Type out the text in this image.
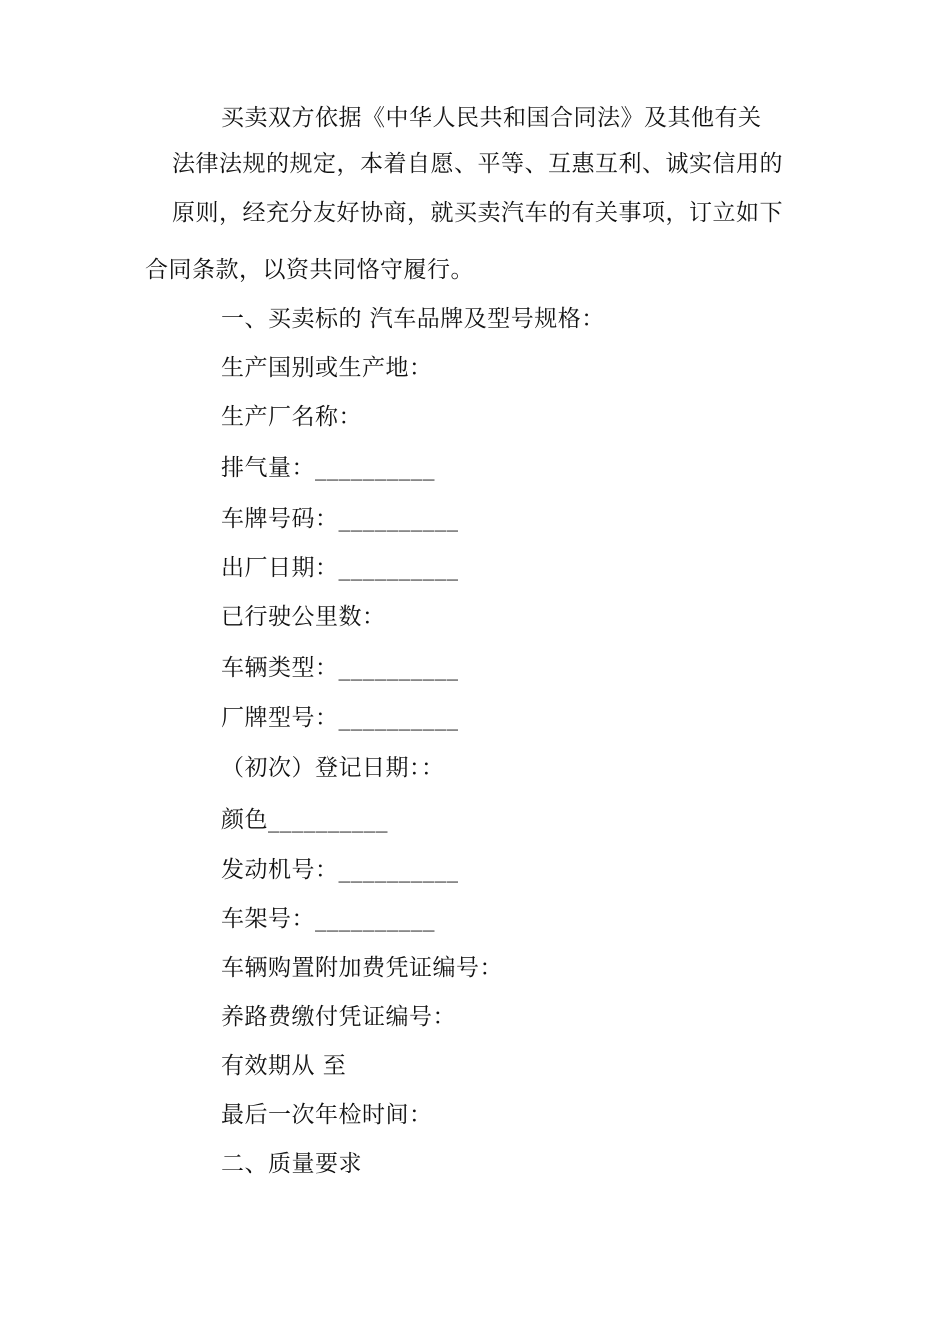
买卖双方依据《中华人民共和国合同法》及其他有关
法律法规的规定，本着自愿、平等、互惠互利、诚实信用的
原则，经充分友好协商，就买卖汽车的有关事项，订立如下
合同条款，以资共同恪守履行。
一、买卖标的 汽车品牌及型号规格：
生产国别或生产地：
生产厂名称：
排气量：__________
车牌号码：__________
出厂日期：__________
已行驶公里数：
车辆类型：__________
厂牌型号：__________
（初次）登记日期：：
颜色__________
发动机号：__________
车架号：__________
车辆购置附加费凭证编号：
养路费缴付凭证编号：
有效期从 至
最后一次年检时间：
二、质量要求
